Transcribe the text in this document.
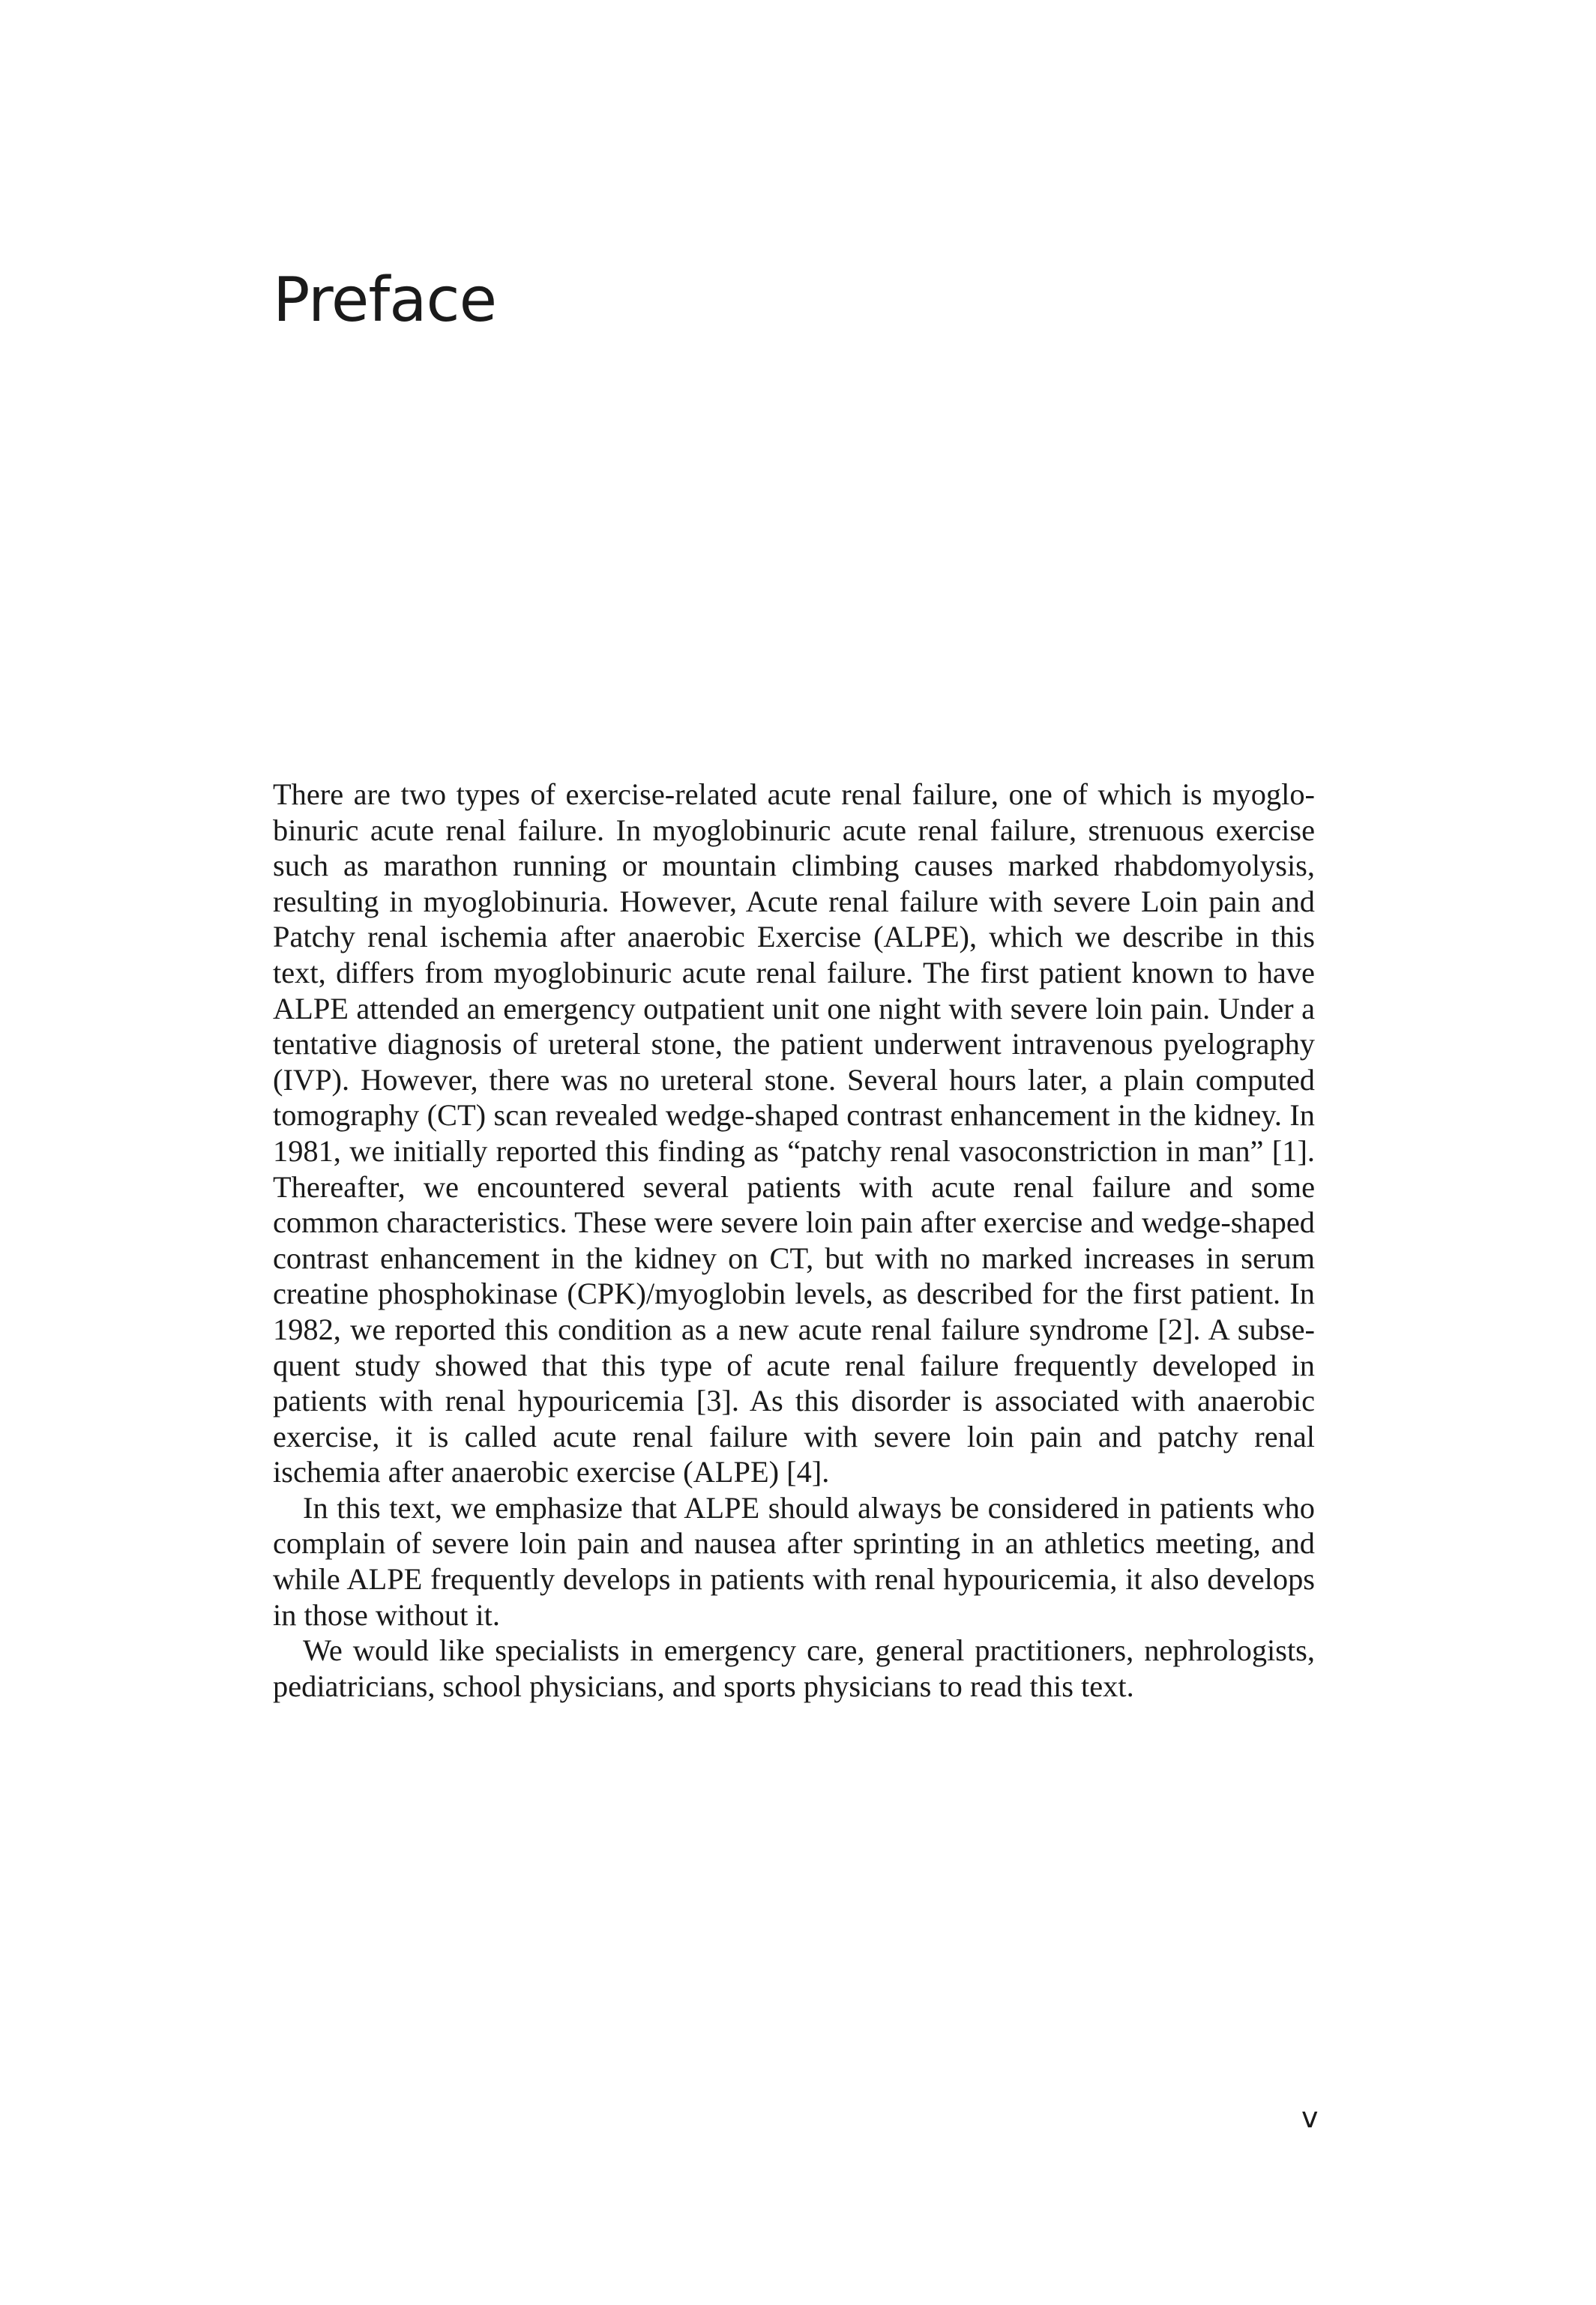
Preface

There are two types of exercise-related acute renal failure, one of which is myoglobinuric acute renal failure. In myoglobinuric acute renal failure, strenuous exercise such as marathon running or mountain climbing causes marked rhabdomyolysis, resulting in myoglobinuria. However, Acute renal failure with severe Loin pain and Patchy renal ischemia after anaerobic Exercise (ALPE), which we describe in this text, differs from myoglobinuric acute renal failure. The first patient known to have ALPE attended an emergency outpatient unit one night with severe loin pain. Under a tentative diagnosis of ureteral stone, the patient underwent intravenous pyelography (IVP). However, there was no ureteral stone. Several hours later, a plain computed tomography (CT) scan revealed wedge-shaped contrast enhancement in the kidney. In 1981, we initially reported this finding as “patchy renal vasoconstriction in man” [1]. Thereafter, we encountered several patients with acute renal failure and some common characteristics. These were severe loin pain after exercise and wedge-shaped contrast enhancement in the kidney on CT, but with no marked increases in serum creatine phosphokinase (CPK)/myoglobin levels, as described for the first patient. In 1982, we reported this condition as a new acute renal failure syndrome [2]. A subsequent study showed that this type of acute renal failure frequently developed in patients with renal hypouricemia [3]. As this disorder is associated with anaerobic exercise, it is called acute renal failure with severe loin pain and patchy renal ischemia after anaerobic exercise (ALPE) [4].

In this text, we emphasize that ALPE should always be considered in patients who complain of severe loin pain and nausea after sprinting in an athletics meeting, and while ALPE frequently develops in patients with renal hypouricemia, it also develops in those without it.

We would like specialists in emergency care, general practitioners, nephrologists, pediatricians, school physicians, and sports physicians to read this text.

v
